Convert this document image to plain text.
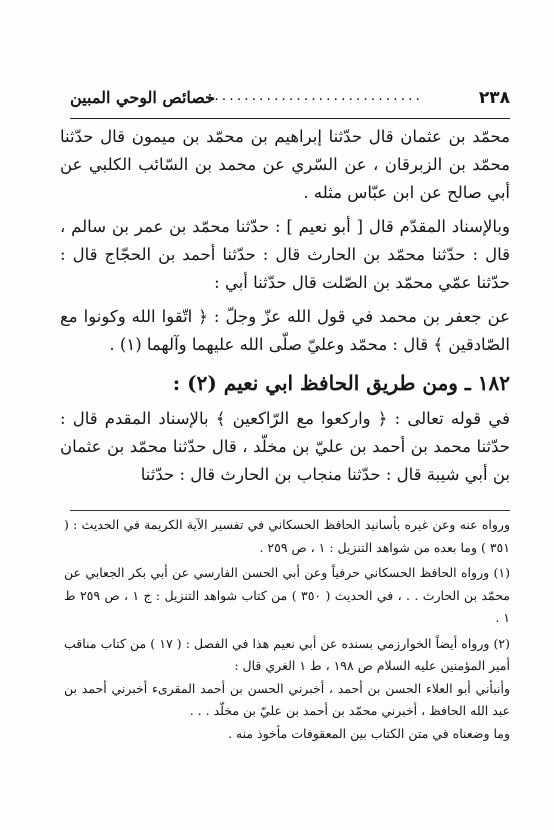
٢٣٨
...............................
خصائص الوحي المبين

محمّد بن عثمان قال حدّثنا إبراهيم بن محمّد بن ميمون قال حدّثنا محمّد بن الزبرقان ، عن السّري عن محمد بن السّائب الكلبي عن أبي صالح عن ابن عبّاس مثله .

وبالإسناد المقدّم قال [ أبو نعيم ] : حدّثنا محمّد بن عمر بن سالم ، قال : حدّثنا محمّد بن الحارث قال : حدّثنا أحمد بن الحجّاج قال : حدّثنا عمّي محمّد بن الصّلت قال حدّثنا أبي :

عن جعفر بن محمد في قول الله عزّ وجلّ : ﴿ اتّقوا الله وكونوا مع الصّادقين ﴾ قال : محمّد وعليّ صلّى الله عليهما وآلهما (١) .

١٨٢ ـ ومن طريق الحافظ ابي نعيم (٢) :

في قوله تعالى : ﴿ واركعوا مع الرّاكعين ﴾ بالإسناد المقدم قال : حدّثنا محمد بن أحمد بن عليّ بن مخلّد ، قال حدّثنا محمّد بن عثمان بن أبي شيبة قال : حدّثنا منجاب بن الحارث قال : حدّثنا

ورواه عنه وعن غيره بأسانيد الحافظ الحسكاني في تفسير الآية الكريمة في الحديث : ( ٣٥١ ) وما بعده من شواهد التنزيل : ١ ، ص ٢٥٩ .

(١) ورواه الحافظ الحسكاني حرفياً وعن أبي الحسن الفارسي عن أبي بكر الجعابي عن محمّد بن الحارث . . ، في الحديث ( ٣٥٠ ) من كتاب شواهد التنزيل : ج ١ ، ص ٢٥٩ ط ١ .

(٢) ورواه أيضاً الخوارزمي بسنده عن أبي نعيم هذا في الفصل : ( ١٧ ) من كتاب مناقب أمير المؤمنين عليه السلام ص ١٩٨ ، ط ١ الغري قال :

وأنبأني أبو العلاء الحسن بن أحمد ، أخبرني الحسن بن أحمد المقرىء أخبرني أحمد بن عبد الله الحافظ ، أخبرني محمّد بن أحمد بن عليّ بن مخلّد . . .

وما وضعناه في متن الكتاب بين المعقوفات مأخوذ منه .
